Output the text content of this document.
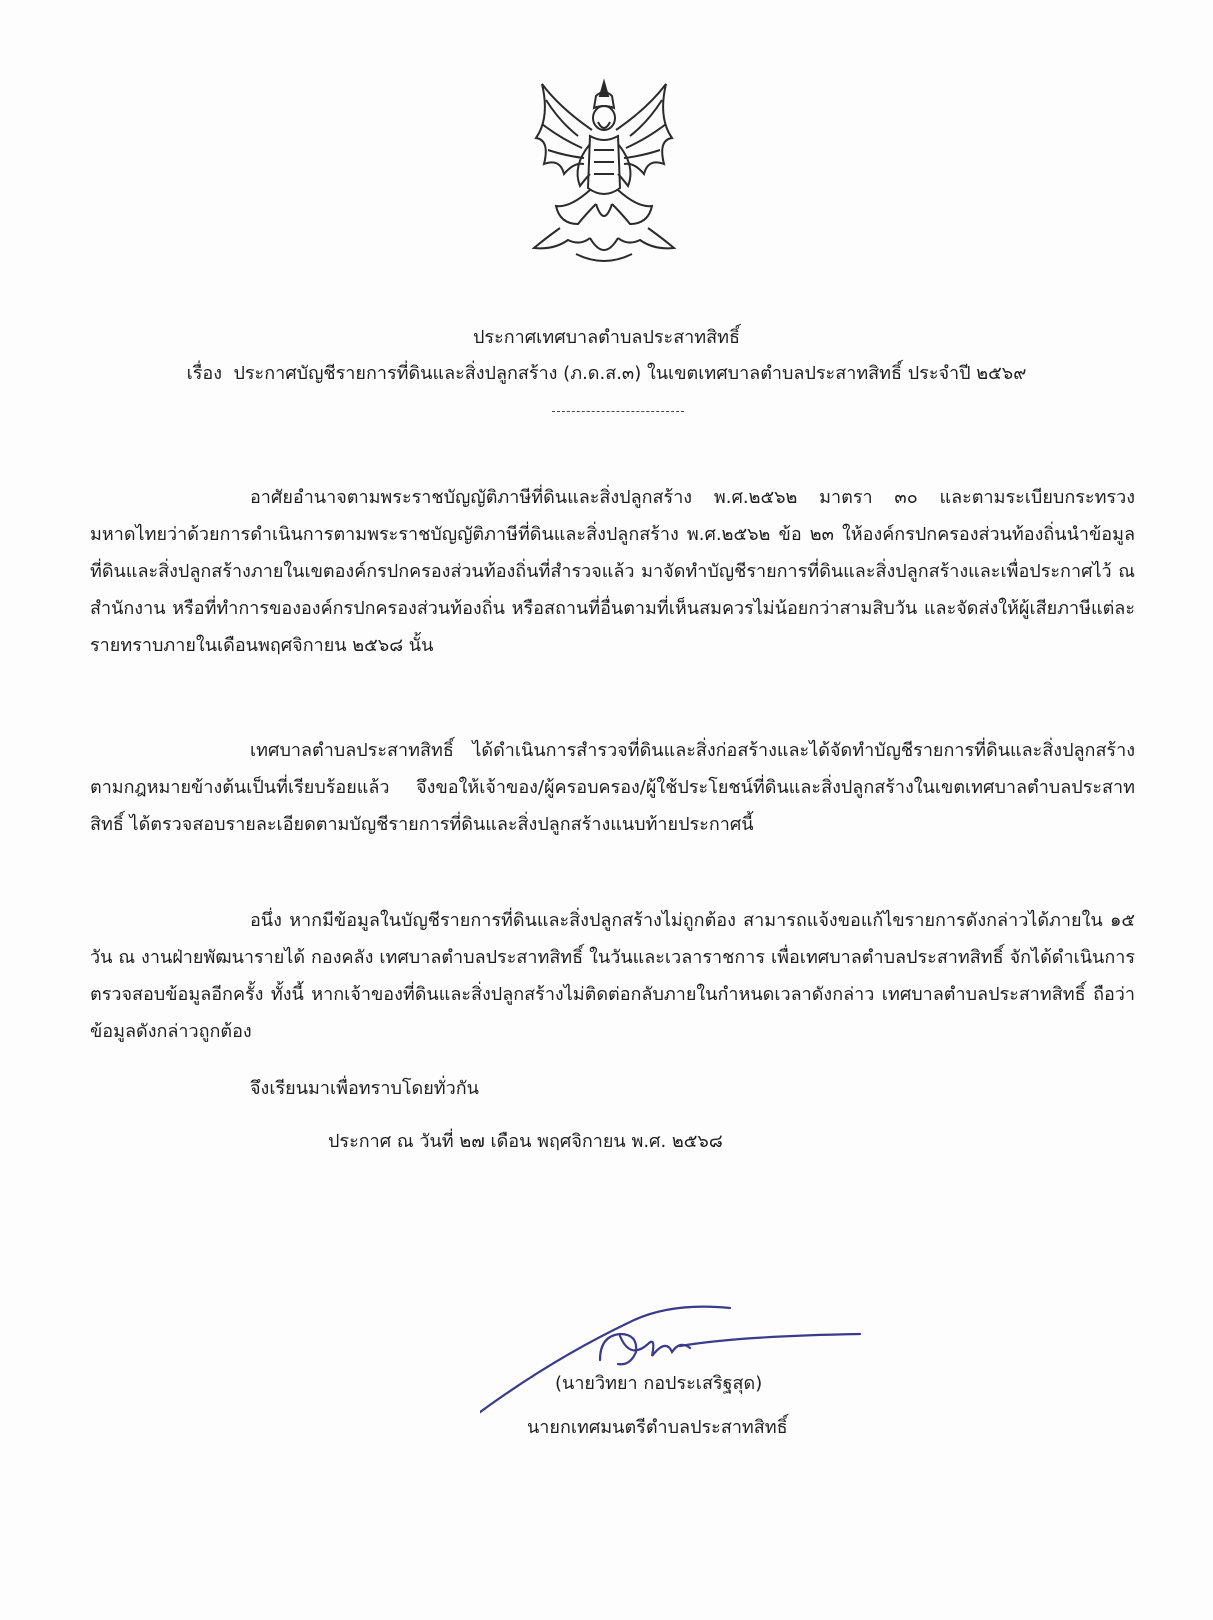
ประกาศเทศบาลตำบลประสาทสิทธิ์
เรื่อง ประกาศบัญชีรายการที่ดินและสิ่งปลูกสร้าง (ภ.ด.ส.๓) ในเขตเทศบาลตำบลประสาทสิทธิ์ ประจำปี ๒๕๖๙

อาศัยอำนาจตามพระราชบัญญัติภาษีที่ดินและสิ่งปลูกสร้าง พ.ศ.๒๕๖๒ มาตรา ๓๐ และตามระเบียบกระทรวงมหาดไทยว่าด้วยการดำเนินการตามพระราชบัญญัติภาษีที่ดินและสิ่งปลูกสร้าง พ.ศ.๒๕๖๒ ข้อ ๒๓ ให้องค์กรปกครองส่วนท้องถิ่นนำข้อมูลที่ดินและสิ่งปลูกสร้างภายในเขตองค์กรปกครองส่วนท้องถิ่นที่สำรวจแล้ว มาจัดทำบัญชีรายการที่ดินและสิ่งปลูกสร้างและเพื่อประกาศไว้ ณ สำนักงาน หรือที่ทำการขององค์กรปกครองส่วนท้องถิ่น หรือสถานที่อื่นตามที่เห็นสมควรไม่น้อยกว่าสามสิบวัน และจัดส่งให้ผู้เสียภาษีแต่ละรายทราบภายในเดือนพฤศจิกายน ๒๕๖๘ นั้น

เทศบาลตำบลประสาทสิทธิ์ ได้ดำเนินการสำรวจที่ดินและสิ่งก่อสร้างและได้จัดทำบัญชีรายการที่ดินและสิ่งปลูกสร้าง ตามกฎหมายข้างต้นเป็นที่เรียบร้อยแล้ว จึงขอให้เจ้าของ/ผู้ครอบครอง/ผู้ใช้ประโยชน์ที่ดินและสิ่งปลูกสร้างในเขตเทศบาลตำบลประสาทสิทธิ์ ได้ตรวจสอบรายละเอียดตามบัญชีรายการที่ดินและสิ่งปลูกสร้างแนบท้ายประกาศนี้

อนึ่ง หากมีข้อมูลในบัญชีรายการที่ดินและสิ่งปลูกสร้างไม่ถูกต้อง สามารถแจ้งขอแก้ไขรายการดังกล่าวได้ภายใน ๑๕ วัน ณ งานฝ่ายพัฒนารายได้ กองคลัง เทศบาลตำบลประสาทสิทธิ์ ในวันและเวลาราชการ เพื่อเทศบาลตำบลประสาทสิทธิ์ จักได้ดำเนินการตรวจสอบข้อมูลอีกครั้ง ทั้งนี้ หากเจ้าของที่ดินและสิ่งปลูกสร้างไม่ติดต่อกลับภายในกำหนดเวลาดังกล่าว เทศบาลตำบลประสาทสิทธิ์ ถือว่าข้อมูลดังกล่าวถูกต้อง

จึงเรียนมาเพื่อทราบโดยทั่วกัน
ประกาศ ณ วันที่ ๒๗ เดือน พฤศจิกายน พ.ศ. ๒๕๖๘
(นายวิทยา กอประเสริฐสุด)
นายกเทศมนตรีตำบลประสาทสิทธิ์
